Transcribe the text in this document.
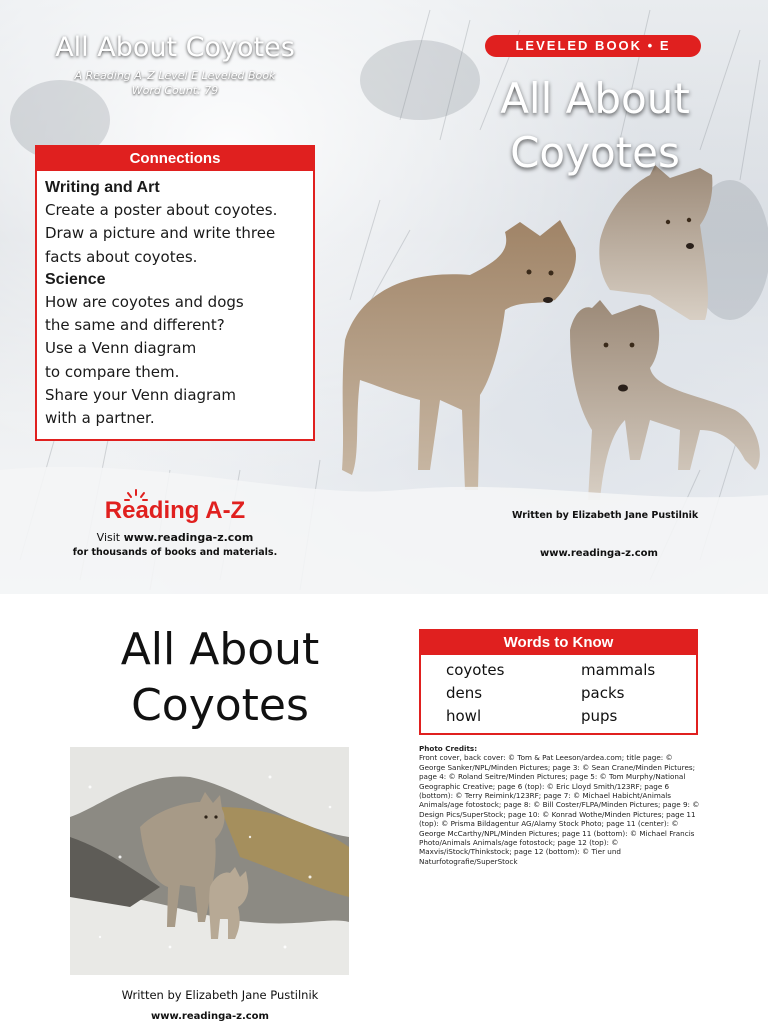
All About Coyotes
A Reading A–Z Level E Leveled Book
Word Count: 79
Connections
Writing and Art
Create a poster about coyotes.
Draw a picture and write three
facts about coyotes.
Science
How are coyotes and dogs
the same and different?
Use a Venn diagram
to compare them.
Share your Venn diagram
with a partner.
Reading A-Z
Visit www.readinga-z.com
for thousands of books and materials.
LEVELED BOOK • E
All About
Coyotes
Written by Elizabeth Jane Pustilnik
www.readinga-z.com
All About
Coyotes
Written by Elizabeth Jane Pustilnik
www.readinga-z.com
Words to Know
coyotes	mammals
dens	packs
howl	pups
Photo Credits:
Front cover, back cover: © Tom & Pat Leeson/ardea.com; title page: © George Sanker/NPL/Minden Pictures; page 3: © Sean Crane/Minden Pictures; page 4: © Roland Seitre/Minden Pictures; page 5: © Tom Murphy/National Geographic Creative; page 6 (top): © Eric Lloyd Smith/123RF; page 6 (bottom): © Terry Reimink/123RF; page 7: © Michael Habicht/Animals Animals/age fotostock; page 8: © Bill Coster/FLPA/Minden Pictures; page 9: © Design Pics/SuperStock; page 10: © Konrad Wothe/Minden Pictures; page 11 (top): © Prisma Bildagentur AG/Alamy Stock Photo; page 11 (center): © George McCarthy/NPL/Minden Pictures; page 11 (bottom): © Michael Francis Photo/Animals Animals/age fotostock; page 12 (top): © Maxvis/iStock/Thinkstock; page 12 (bottom): © Tier und Naturfotografie/SuperStock
